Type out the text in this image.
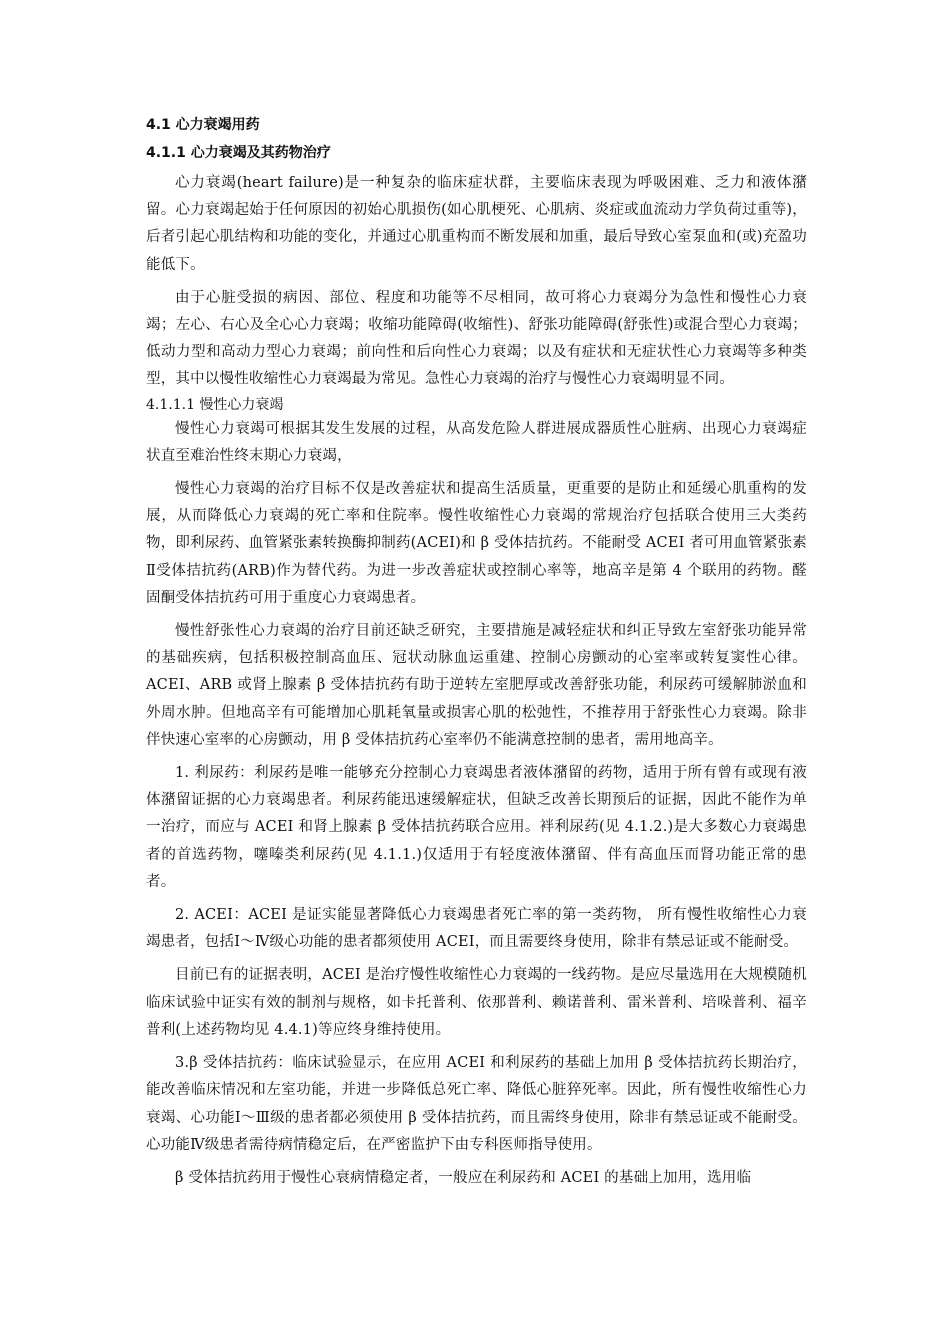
4.1 心力衰竭用药
4.1.1 心力衰竭及其药物治疗

心力衰竭(heart failure)是一种复杂的临床症状群，主要临床表现为呼吸困难、乏力和液体潴留。心力衰竭起始于任何原因的初始心肌损伤(如心肌梗死、心肌病、炎症或血流动力学负荷过重等)，后者引起心肌结构和功能的变化，并通过心肌重构而不断发展和加重，最后导致心室泵血和(或)充盈功能低下。

由于心脏受损的病因、部位、程度和功能等不尽相同，故可将心力衰竭分为急性和慢性心力衰竭；左心、右心及全心心力衰竭；收缩功能障碍(收缩性)、舒张功能障碍(舒张性)或混合型心力衰竭；低动力型和高动力型心力衰竭；前向性和后向性心力衰竭；以及有症状和无症状性心力衰竭等多种类型，其中以慢性收缩性心力衰竭最为常见。急性心力衰竭的治疗与慢性心力衰竭明显不同。

4.1.1.1 慢性心力衰竭

慢性心力衰竭可根据其发生发展的过程，从高发危险人群进展成器质性心脏病、出现心力衰竭症状直至难治性终末期心力衰竭，

慢性心力衰竭的治疗目标不仅是改善症状和提高生活质量，更重要的是防止和延缓心肌重构的发展，从而降低心力衰竭的死亡率和住院率。慢性收缩性心力衰竭的常规治疗包括联合使用三大类药物，即利尿药、血管紧张素转换酶抑制药(ACEI)和 β 受体拮抗药。不能耐受 ACEI 者可用血管紧张素Ⅱ受体拮抗药(ARB)作为替代药。为进一步改善症状或控制心率等，地高辛是第 4 个联用的药物。醛固酮受体拮抗药可用于重度心力衰竭患者。

慢性舒张性心力衰竭的治疗目前还缺乏研究，主要措施是减轻症状和纠正导致左室舒张功能异常的基础疾病，包括积极控制高血压、冠状动脉血运重建、控制心房颤动的心室率或转复窦性心律。ACEI、ARB 或肾上腺素 β 受体拮抗药有助于逆转左室肥厚或改善舒张功能，利尿药可缓解肺淤血和外周水肿。但地高辛有可能增加心肌耗氧量或损害心肌的松弛性，不推荐用于舒张性心力衰竭。除非伴快速心室率的心房颤动，用 β 受体拮抗药心室率仍不能满意控制的患者，需用地高辛。

1. 利尿药：利尿药是唯一能够充分控制心力衰竭患者液体潴留的药物，适用于所有曾有或现有液体潴留证据的心力衰竭患者。利尿药能迅速缓解症状，但缺乏改善长期预后的证据，因此不能作为单一治疗，而应与 ACEI 和肾上腺素 β 受体拮抗药联合应用。袢利尿药(见 4.1.2.)是大多数心力衰竭患者的首选药物，噻嗪类利尿药(见 4.1.1.)仅适用于有轻度液体潴留、伴有高血压而肾功能正常的患者。

2. ACEI：ACEI 是证实能显著降低心力衰竭患者死亡率的第一类药物， 所有慢性收缩性心力衰竭患者，包括Ⅰ～Ⅳ级心功能的患者都须使用 ACEI，而且需要终身使用，除非有禁忌证或不能耐受。

目前已有的证据表明，ACEI 是治疗慢性收缩性心力衰竭的一线药物。是应尽量选用在大规模随机临床试验中证实有效的制剂与规格，如卡托普利、依那普利、赖诺普利、雷米普利、培哚普利、福辛普利(上述药物均见 4.4.1)等应终身维持使用。

3.β 受体拮抗药：临床试验显示，在应用 ACEI 和利尿药的基础上加用 β 受体拮抗药长期治疗，能改善临床情况和左室功能，并进一步降低总死亡率、降低心脏猝死率。因此，所有慢性收缩性心力衰竭、心功能Ⅰ～Ⅲ级的患者都必须使用 β 受体拮抗药，而且需终身使用，除非有禁忌证或不能耐受。心功能Ⅳ级患者需待病情稳定后，在严密监护下由专科医师指导使用。

β 受体拮抗药用于慢性心衰病情稳定者，一般应在利尿药和 ACEI 的基础上加用，选用临
